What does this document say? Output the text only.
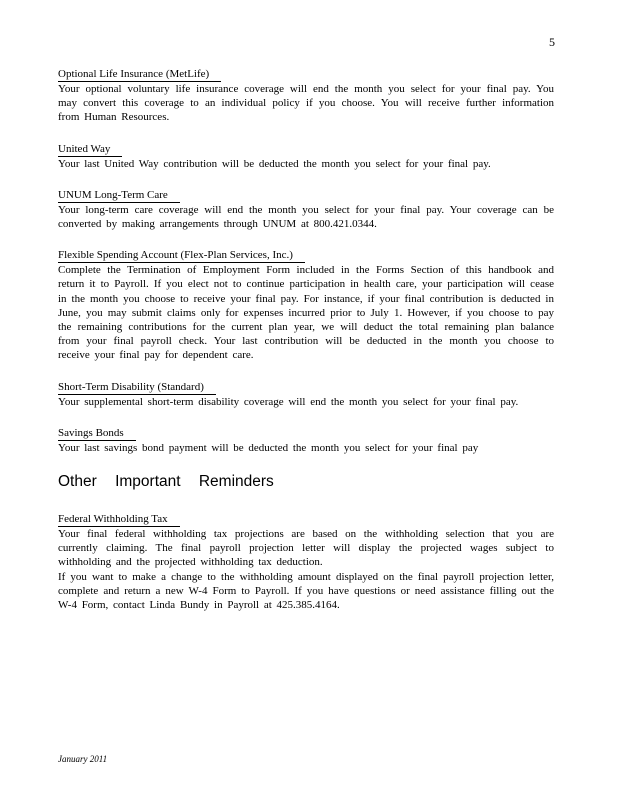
5
Optional Life Insurance (MetLife)
Your optional voluntary life insurance coverage will end the month you select for your final pay. You may convert this coverage to an individual policy if you choose. You will receive further information from Human Resources.
United Way
Your last United Way contribution will be deducted the month you select for your final pay.
UNUM Long-Term Care
Your long-term care coverage will end the month you select for your final pay. Your coverage can be converted by making arrangements through UNUM at 800.421.0344.
Flexible Spending Account (Flex-Plan Services, Inc.)
Complete the Termination of Employment Form included in the Forms Section of this handbook and return it to Payroll. If you elect not to continue participation in health care, your participation will cease in the month you choose to receive your final pay. For instance, if your final contribution is deducted in June, you may submit claims only for expenses incurred prior to July 1. However, if you choose to pay the remaining contributions for the current plan year, we will deduct the total remaining plan balance from your final payroll check. Your last contribution will be deducted in the month you choose to receive your final pay for dependent care.
Short-Term Disability (Standard)
Your supplemental short-term disability coverage will end the month you select for your final pay.
Savings Bonds
Your last savings bond payment will be deducted the month you select for your final pay
Other Important Reminders
Federal Withholding Tax
Your final federal withholding tax projections are based on the withholding selection that you are currently claiming. The final payroll projection letter will display the projected wages subject to withholding and the projected withholding tax deduction.
If you want to make a change to the withholding amount displayed on the final payroll projection letter, complete and return a new W-4 Form to Payroll. If you have questions or need assistance filling out the W-4 Form, contact Linda Bundy in Payroll at 425.385.4164.
January 2011
